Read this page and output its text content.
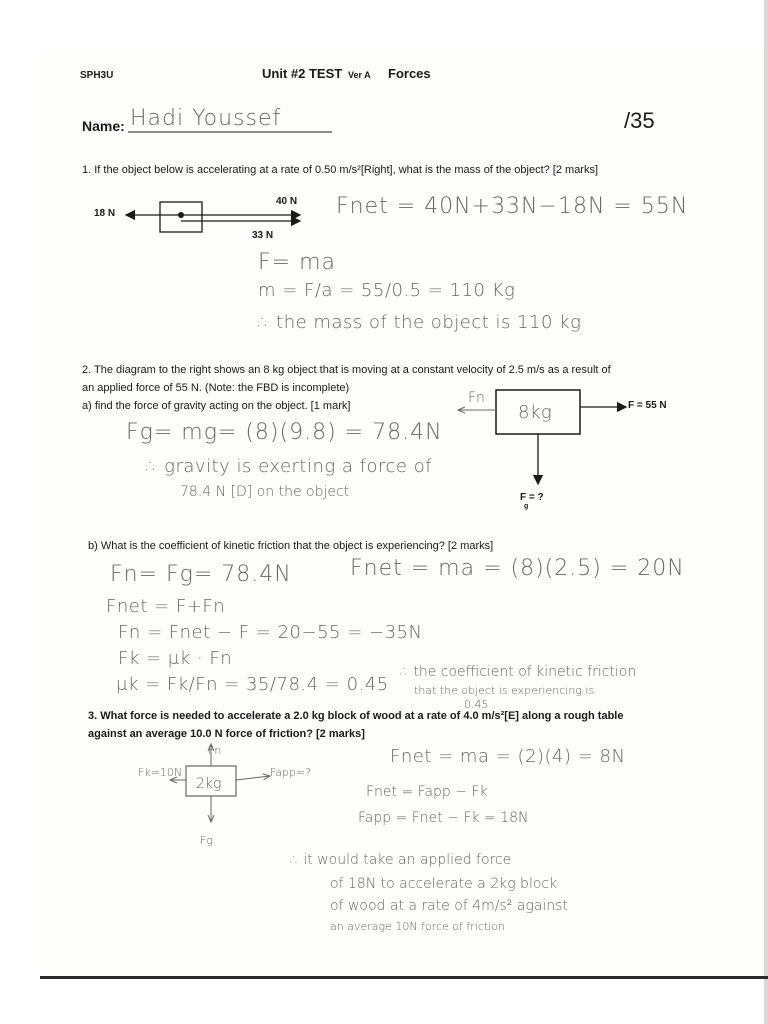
SPH3U	Unit #2 TEST Ver A Forces
Name: Hadi Youssef	/35
1. If the object below is accelerating at a rate of 0.50 m/s²[Right], what is the mass of the object? [2 marks]
18 N
40 N
33 N
Fnet = 40N+33N−18N = 55N
F= ma
m = F/a = 55/0.5 = 110 Kg
∴ the mass of the object is 110 kg
2. The diagram to the right shows an 8 kg object that is moving at a constant velocity of 2.5 m/s as a result of
an applied force of 55 N. (Note: the FBD is incomplete)
a) find the force of gravity acting on the object. [1 mark]	Fn
8kg	F = 55 N
F = ?
g
Fg= mg= (8)(9.8) = 78.4N
∴ gravity is exerting a force of
78.4 N [D] on the object
b) What is the coefficient of kinetic friction that the object is experiencing? [2 marks]
Fn= Fg= 78.4N	Fnet = ma = (8)(2.5) = 20N
Fnet = F+Fn
Fn = Fnet − F = 20−55 = −35N
Fk = μk · Fn
μk = Fk/Fn = 35/78.4 = 0.45
∴ the coefficient of kinetic friction
that the object is experiencing is
0.45
3. What force is needed to accelerate a 2.0 kg block of wood at a rate of 4.0 m/s²[E] along a rough table
against an average 10.0 N force of friction? [2 marks]
Fn
Fk=10N
2kg
Fapp=?
Fg
Fnet = ma = (2)(4) = 8N
Fnet = Fapp − Fk
Fapp = Fnet − Fk = 18N
∴ it would take an applied force
of 18N to accelerate a 2kg block
of wood at a rate of 4m/s² against
an average 10N force of friction
